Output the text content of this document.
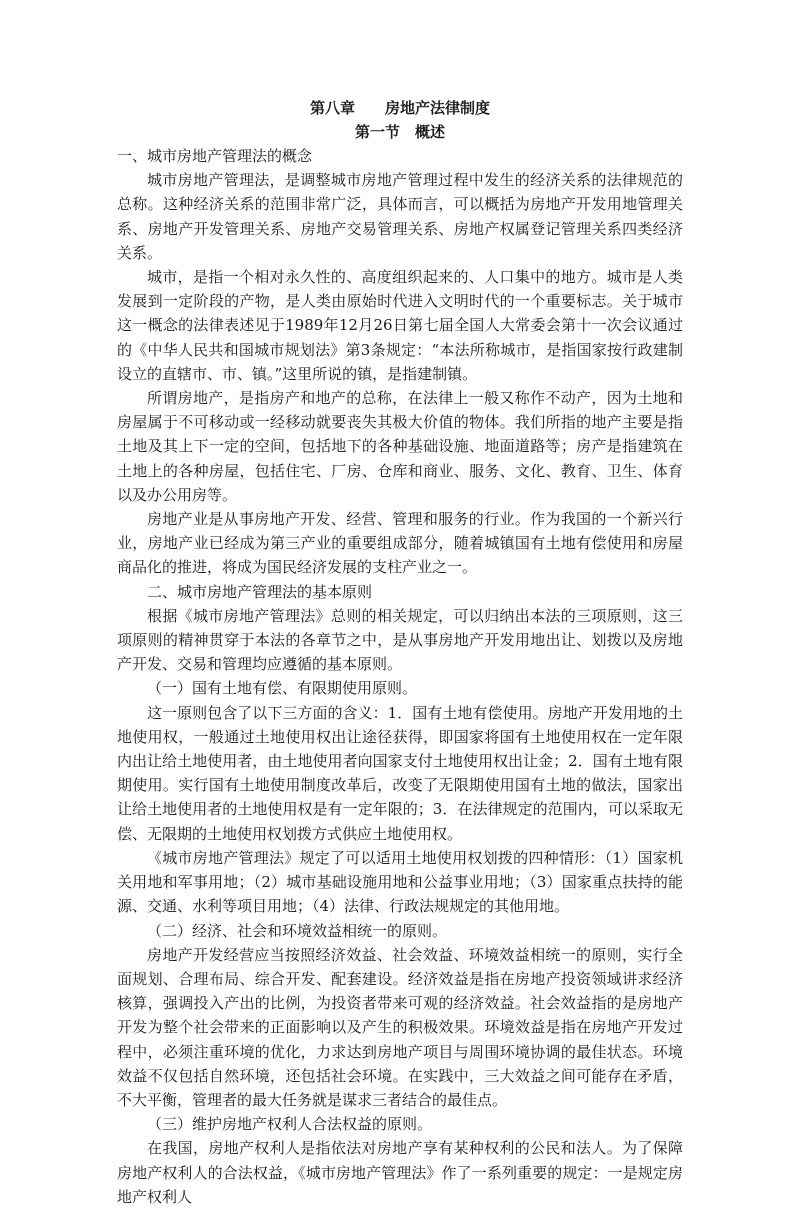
第八章　　房地产法律制度
第一节　概述

一、城市房地产管理法的概念

城市房地产管理法，是调整城市房地产管理过程中发生的经济关系的法律规范的总称。这种经济关系的范围非常广泛，具体而言，可以概括为房地产开发用地管理关系、房地产开发管理关系、房地产交易管理关系、房地产权属登记管理关系四类经济关系。

城市，是指一个相对永久性的、高度组织起来的、人口集中的地方。城市是人类发展到一定阶段的产物，是人类由原始时代进入文明时代的一个重要标志。关于城市这一概念的法律表述见于1989年12月26日第七届全国人大常委会第十一次会议通过的《中华人民共和国城市规划法》第3条规定：“本法所称城市，是指国家按行政建制设立的直辖市、市、镇。”这里所说的镇，是指建制镇。

所谓房地产，是指房产和地产的总称，在法律上一般又称作不动产，因为土地和房屋属于不可移动或一经移动就要丧失其极大价值的物体。我们所指的地产主要是指土地及其上下一定的空间，包括地下的各种基础设施、地面道路等；房产是指建筑在土地上的各种房屋，包括住宅、厂房、仓库和商业、服务、文化、教育、卫生、体育以及办公用房等。

房地产业是从事房地产开发、经营、管理和服务的行业。作为我国的一个新兴行业，房地产业已经成为第三产业的重要组成部分，随着城镇国有土地有偿使用和房屋商品化的推进，将成为国民经济发展的支柱产业之一。

二、城市房地产管理法的基本原则

根据《城市房地产管理法》总则的相关规定，可以归纳出本法的三项原则，这三项原则的精神贯穿于本法的各章节之中，是从事房地产开发用地出让、划拨以及房地产开发、交易和管理均应遵循的基本原则。

（一）国有土地有偿、有限期使用原则。

这一原则包含了以下三方面的含义：1．国有土地有偿使用。房地产开发用地的土地使用权，一般通过土地使用权出让途径获得，即国家将国有土地使用权在一定年限内出让给土地使用者，由土地使用者向国家支付土地使用权出让金；2．国有土地有限期使用。实行国有土地使用制度改革后，改变了无限期使用国有土地的做法，国家出让给土地使用者的土地使用权是有一定年限的；3．在法律规定的范围内，可以采取无偿、无限期的土地使用权划拨方式供应土地使用权。

《城市房地产管理法》规定了可以适用土地使用权划拨的四种情形：（1）国家机关用地和军事用地；（2）城市基础设施用地和公益事业用地；（3）国家重点扶持的能源、交通、水利等项目用地；（4）法律、行政法规规定的其他用地。

（二）经济、社会和环境效益相统一的原则。

房地产开发经营应当按照经济效益、社会效益、环境效益相统一的原则，实行全面规划、合理布局、综合开发、配套建设。经济效益是指在房地产投资领域讲求经济核算，强调投入产出的比例，为投资者带来可观的经济效益。社会效益指的是房地产开发为整个社会带来的正面影响以及产生的积极效果。环境效益是指在房地产开发过程中，必须注重环境的优化，力求达到房地产项目与周围环境协调的最佳状态。环境效益不仅包括自然环境，还包括社会环境。在实践中，三大效益之间可能存在矛盾，不大平衡，管理者的最大任务就是谋求三者结合的最佳点。

（三）维护房地产权利人合法权益的原则。

在我国，房地产权利人是指依法对房地产享有某种权利的公民和法人。为了保障房地产权利人的合法权益，《城市房地产管理法》作了一系列重要的规定：一是规定房地产权利人
